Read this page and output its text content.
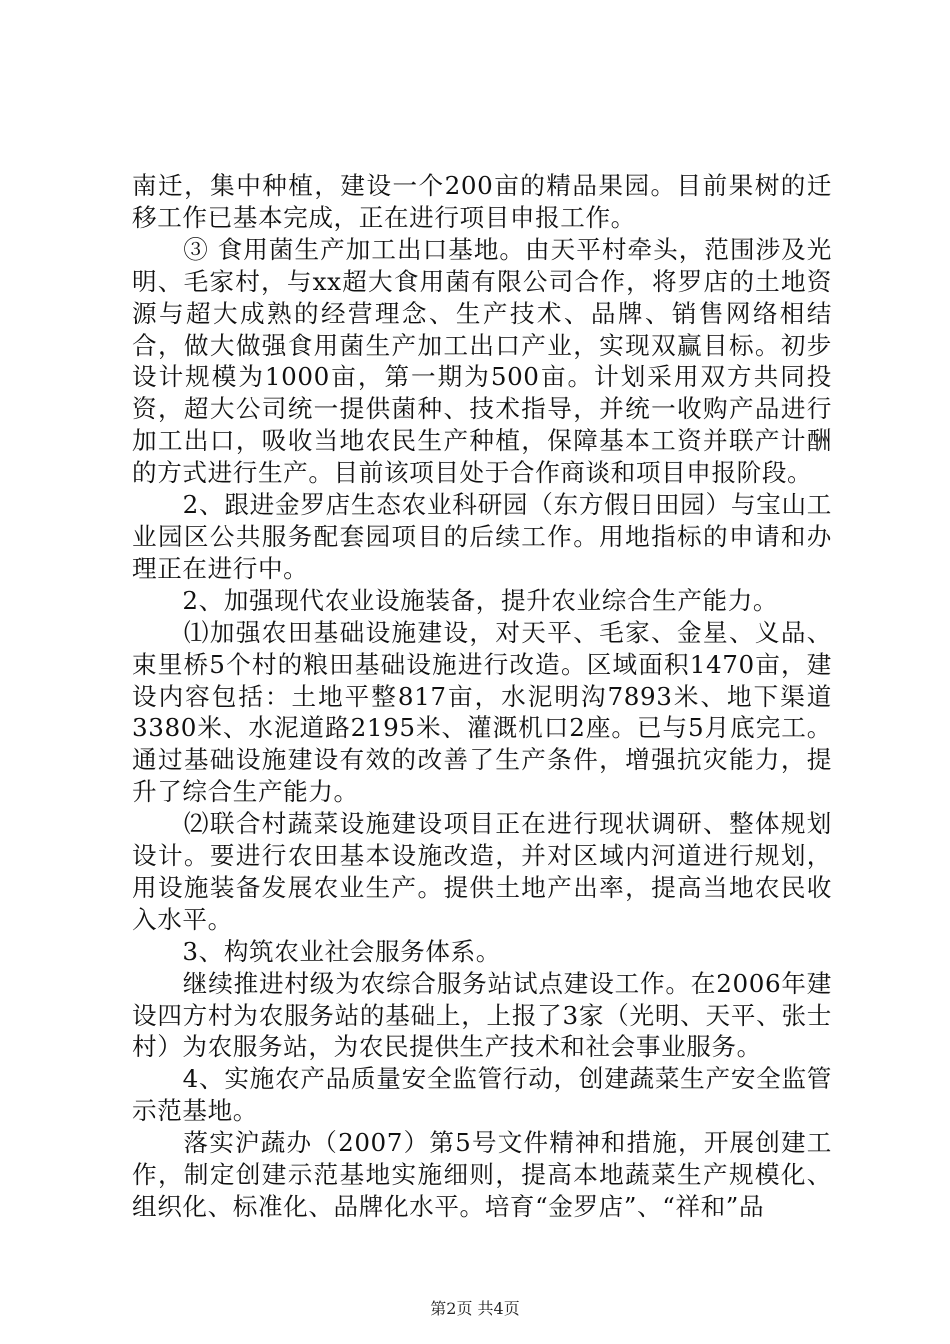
南迁，集中种植，建设一个200亩的精品果园。目前果树的迁移工作已基本完成，正在进行项目申报工作。

　　③ 食用菌生产加工出口基地。由天平村牵头，范围涉及光明、毛家村，与xx超大食用菌有限公司合作，将罗店的土地资源与超大成熟的经营理念、生产技术、品牌、销售网络相结合，做大做强食用菌生产加工出口产业，实现双赢目标。初步设计规模为1000亩，第一期为500亩。计划采用双方共同投资，超大公司统一提供菌种、技术指导，并统一收购产品进行加工出口，吸收当地农民生产种植，保障基本工资并联产计酬的方式进行生产。目前该项目处于合作商谈和项目申报阶段。

　　2、跟进金罗店生态农业科研园（东方假日田园）与宝山工业园区公共服务配套园项目的后续工作。用地指标的申请和办理正在进行中。

　　2、加强现代农业设施装备，提升农业综合生产能力。

　　⑴加强农田基础设施建设，对天平、毛家、金星、义品、束里桥5个村的粮田基础设施进行改造。区域面积1470亩，建设内容包括：土地平整817亩，水泥明沟7893米、地下渠道3380米、水泥道路2195米、灌溉机口2座。已与5月底完工。通过基础设施建设有效的改善了生产条件，增强抗灾能力，提升了综合生产能力。

　　⑵联合村蔬菜设施建设项目正在进行现状调研、整体规划设计。要进行农田基本设施改造，并对区域内河道进行规划，用设施装备发展农业生产。提供土地产出率，提高当地农民收入水平。

　　3、构筑农业社会服务体系。

　　继续推进村级为农综合服务站试点建设工作。在2006年建设四方村为农服务站的基础上，上报了3家（光明、天平、张士村）为农服务站，为农民提供生产技术和社会事业服务。

　　4、实施农产品质量安全监管行动，创建蔬菜生产安全监管示范基地。

　　落实沪蔬办（2007）第5号文件精神和措施，开展创建工作，制定创建示范基地实施细则，提高本地蔬菜生产规模化、组织化、标准化、品牌化水平。培育“金罗店”、“祥和”品

第2页 共4页
